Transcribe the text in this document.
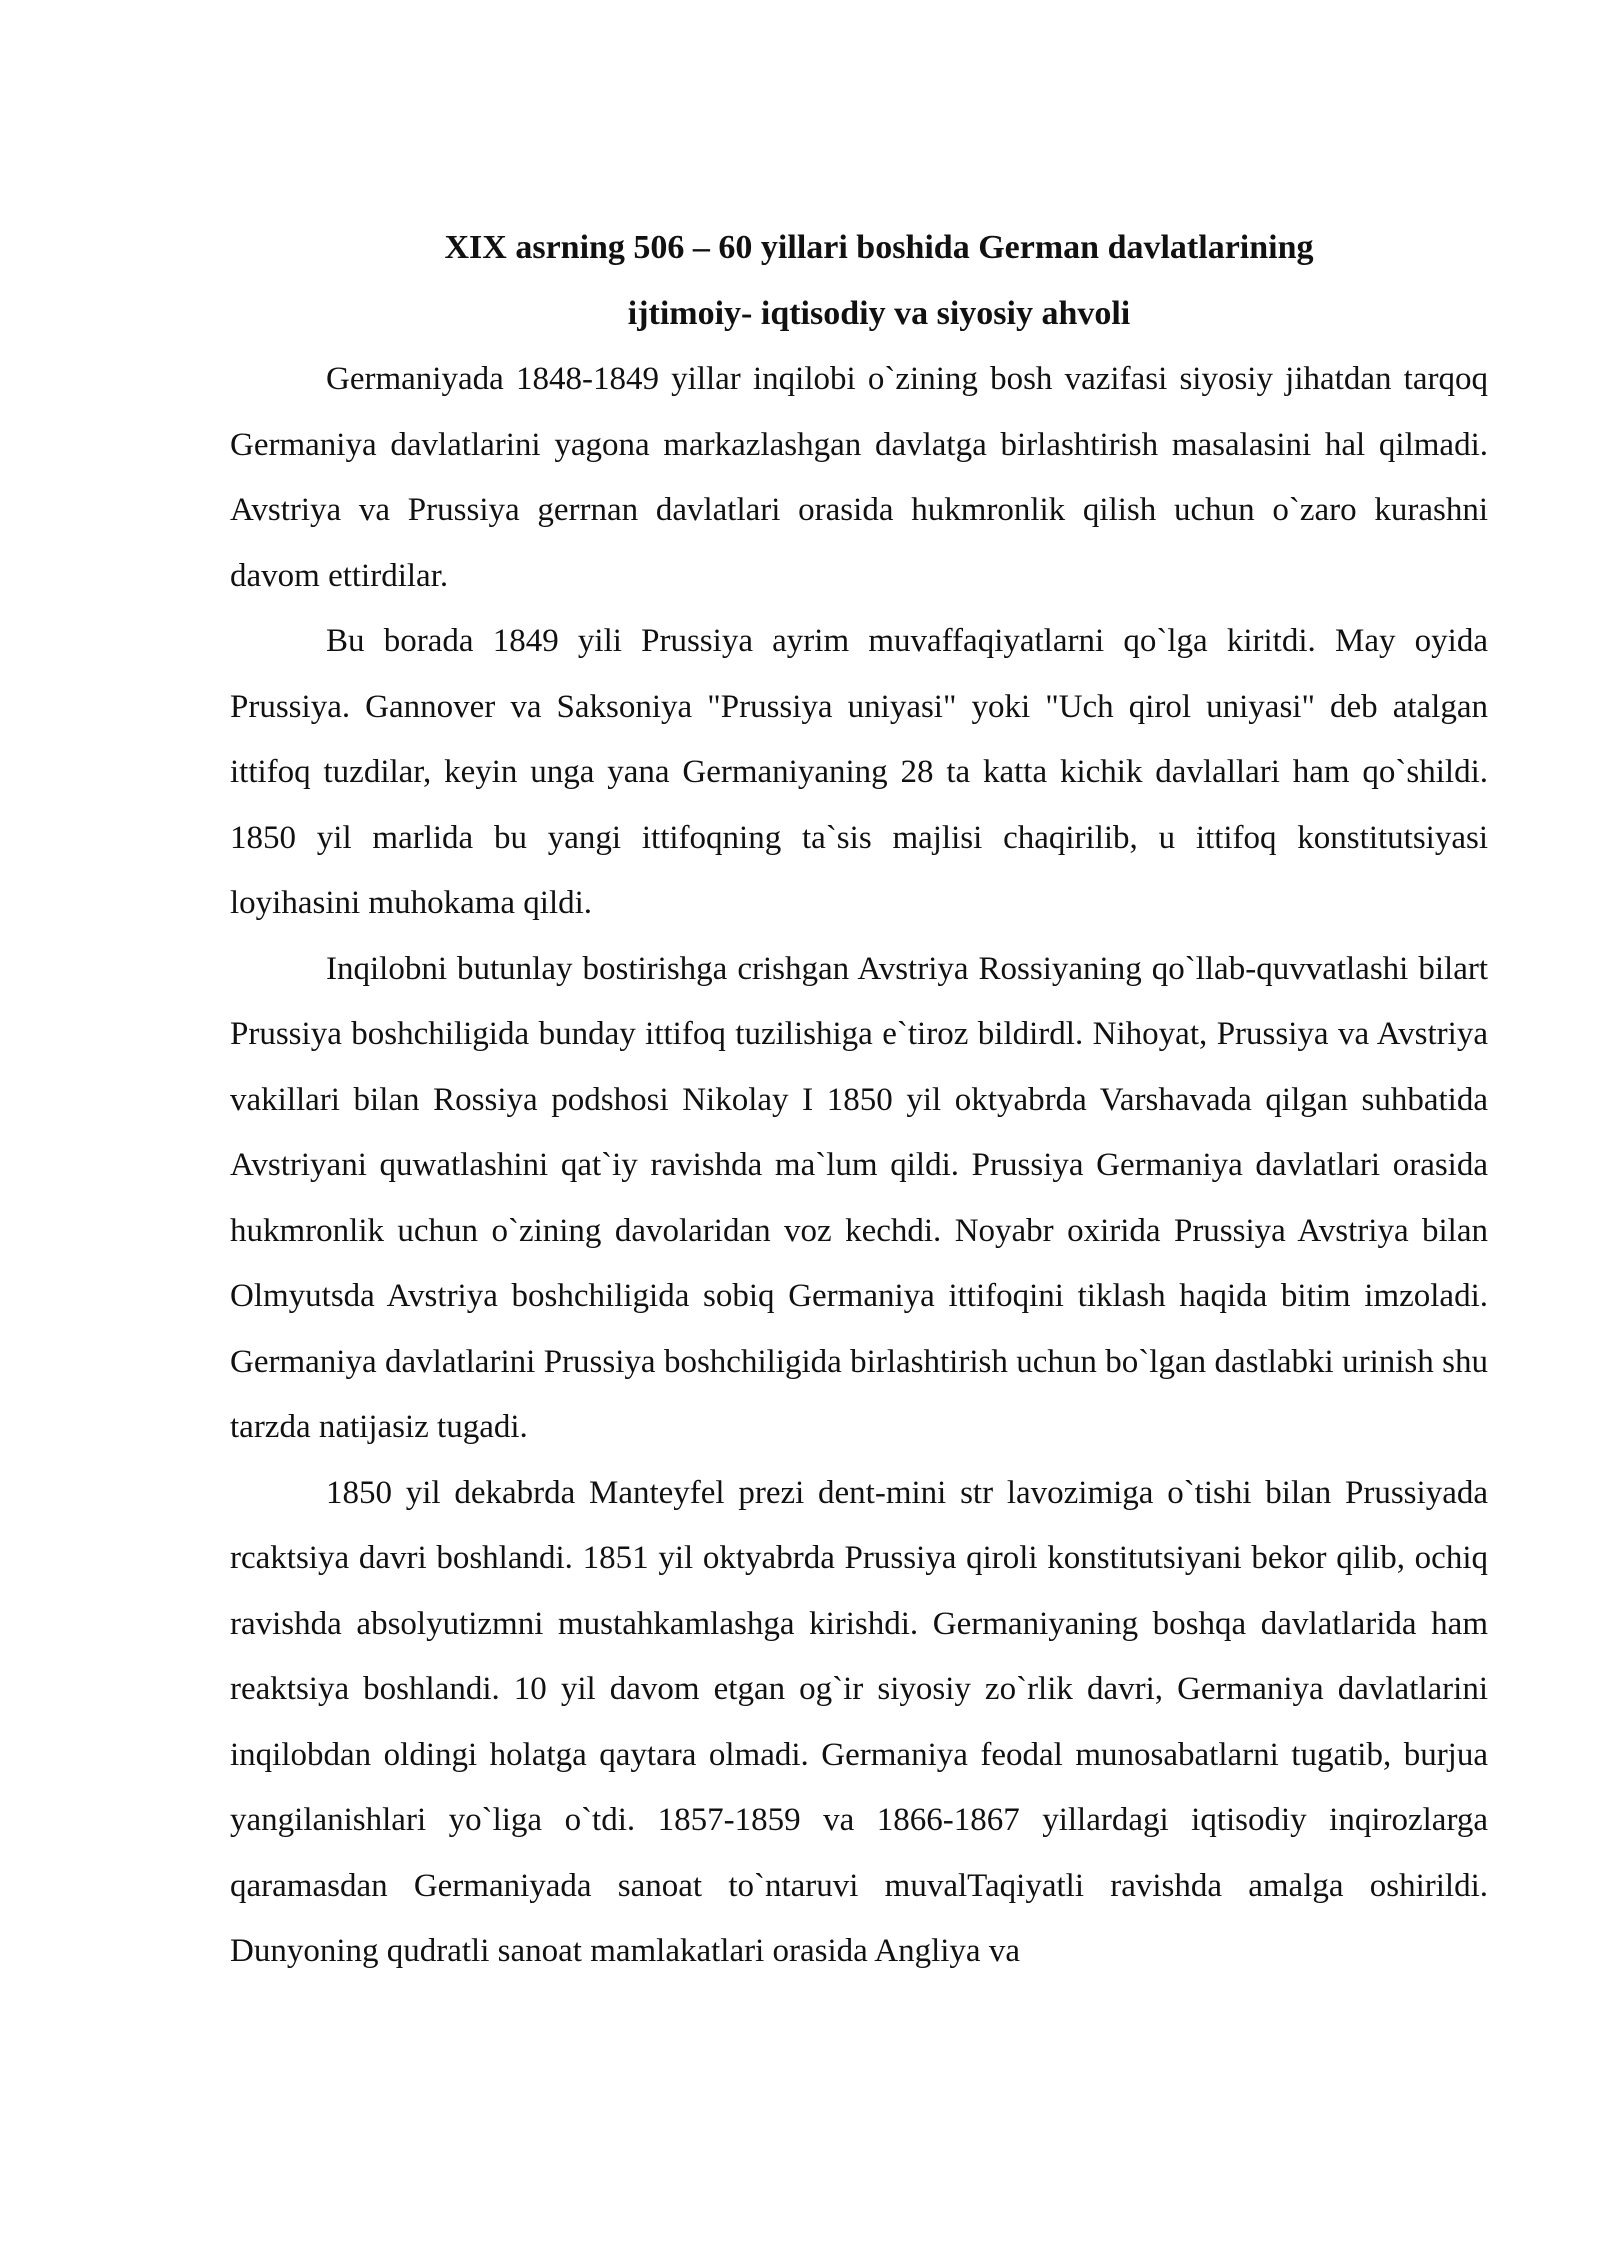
XIX asrning 506 – 60 yillari boshida German davlatlarining
ijtimoiy- iqtisodiy va siyosiy ahvoli

Germaniyada 1848-1849 yillar inqilobi o`zining bosh vazifasi siyosiy jihatdan tarqoq Germaniya davlatlarini yagona markazlashgan davlatga birlashtirish masalasini hal qilmadi. Avstriya va Prussiya gerrnan davlatlari orasida hukmronlik qilish uchun o`zaro kurashni davom ettirdilar.

Bu borada 1849 yili Prussiya ayrim muvaffaqiyatlarni qo`lga kiritdi. May oyida Prussiya. Gannover va Saksoniya "Prussiya uniyasi" yoki "Uch qirol uniyasi" deb atalgan ittifoq tuzdilar, keyin unga yana Germaniyaning 28 ta katta kichik davlallari ham qo`shildi. 1850 yil marlida bu yangi ittifoqning ta`sis majlisi chaqirilib, u ittifoq konstitutsiyasi loyihasini muhokama qildi.

Inqilobni butunlay bostirishga crishgan Avstriya Rossiyaning qo`llab-quvvatlashi bilart Prussiya boshchiligida bunday ittifoq tuzilishiga e`tiroz bildirdl. Nihoyat, Prussiya va Avstriya vakillari bilan Rossiya podshosi Nikolay I 1850 yil oktyabrda Varshavada qilgan suhbatida Avstriyani quwatlashini qat`iy ravishda ma`lum qildi. Prussiya Germaniya davlatlari orasida hukmronlik uchun o`zining davolaridan voz kechdi. Noyabr oxirida Prussiya Avstriya bilan Olmyutsda Avstriya boshchiligida sobiq Germaniya ittifoqini tiklash haqida bitim imzoladi. Germaniya davlatlarini Prussiya boshchiligida birlashtirish uchun bo`lgan dastlabki urinish shu tarzda natijasiz tugadi.

1850 yil dekabrda Manteyfel prezi dent-mini str lavozimiga o`tishi bilan Prussiyada rcaktsiya davri boshlandi. 1851 yil oktyabrda Prussiya qiroli konstitutsiyani bekor qilib, ochiq ravishda absolyutizmni mustahkamlashga kirishdi. Germaniyaning boshqa davlatlarida ham reaktsiya boshlandi. 10 yil davom etgan og`ir siyosiy zo`rlik davri, Germaniya davlatlarini inqilobdan oldingi holatga qaytara olmadi. Germaniya feodal munosabatlarni tugatib, burjua yangilanishlari yo`liga o`tdi. 1857-1859 va 1866-1867 yillardagi iqtisodiy inqirozlarga qaramasdan Germaniyada sanoat to`ntaruvi muvalTaqiyatli ravishda amalga oshirildi. Dunyoning qudratli sanoat mamlakatlari orasida Angliya va
